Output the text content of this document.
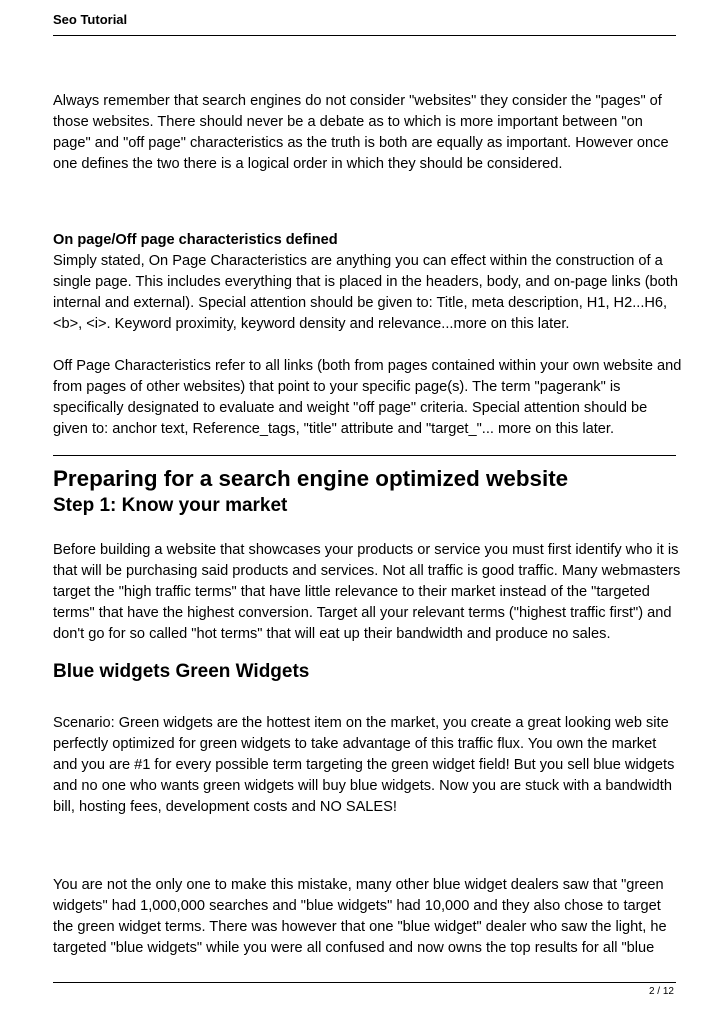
Seo Tutorial

Always remember that search engines do not consider "websites" they consider the "pages" of those websites. There should never be a debate as to which is more important between "on page" and "off page" characteristics as the truth is both are equally as important. However once one defines the two there is a logical order in which they should be considered.

On page/Off page characteristics defined
Simply stated, On Page Characteristics are anything you can effect within the construction of a single page. This includes everything that is placed in the headers, body, and on-page links (both internal and external). Special attention should be given to: Title, meta description, H1, H2...H6, <b>, <i>. Keyword proximity, keyword density and relevance...more on this later.

Off Page Characteristics refer to all links (both from pages contained within your own website and from pages of other websites) that point to your specific page(s). The term "pagerank" is specifically designated to evaluate and weight "off page" criteria. Special attention should be given to: anchor text, Reference_tags, "title" attribute and "target_"... more on this later.

Preparing for a search engine optimized website
Step 1: Know your market

Before building a website that showcases your products or service you must first identify who it is that will be purchasing said products and services. Not all traffic is good traffic. Many webmasters target the "high traffic terms" that have little relevance to their market instead of the "targeted terms" that have the highest conversion. Target all your relevant terms ("highest traffic first") and don't go for so called "hot terms" that will eat up their bandwidth and produce no sales.

Blue widgets Green Widgets

Scenario: Green widgets are the hottest item on the market, you create a great looking web site perfectly optimized for green widgets to take advantage of this traffic flux. You own the market and you are #1 for every possible term targeting the green widget field! But you sell blue widgets and no one who wants green widgets will buy blue widgets. Now you are stuck with a bandwidth bill, hosting fees, development costs and NO SALES!

You are not the only one to make this mistake, many other blue widget dealers saw that "green widgets" had 1,000,000 searches and "blue widgets" had 10,000 and they also chose to target the green widget terms. There was however that one "blue widget" dealer who saw the light, he targeted "blue widgets" while you were all confused and now owns the top results for all "blue

2 / 12
